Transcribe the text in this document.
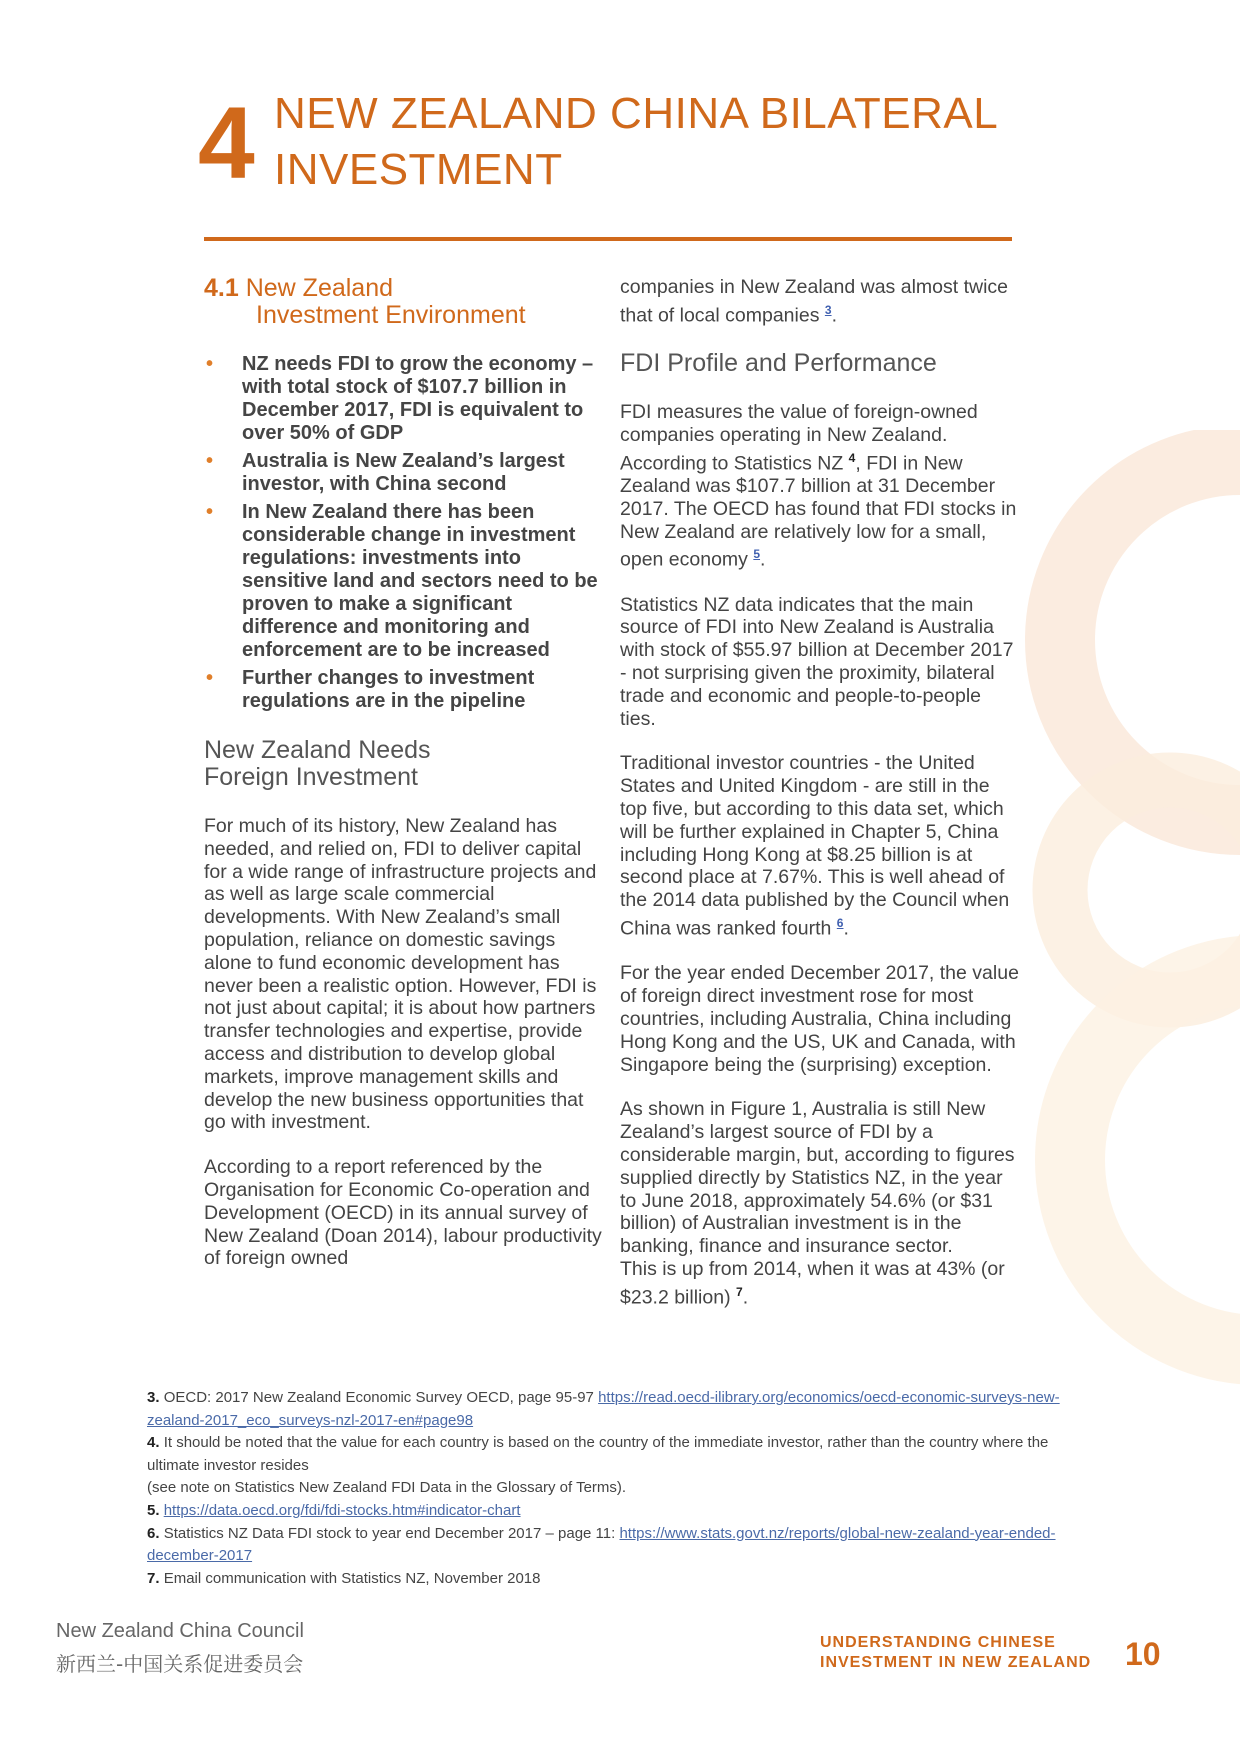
4 NEW ZEALAND CHINA BILATERAL
INVESTMENT
4.1 New Zealand
Investment Environment
• NZ needs FDI to grow the economy – with total stock of $107.7 billion in December 2017, FDI is equivalent to over 50% of GDP
• Australia is New Zealand’s largest investor, with China second
• In New Zealand there has been considerable change in investment regulations: investments into sensitive land and sectors need to be proven to make a significant difference and monitoring and enforcement are to be increased
• Further changes to investment regulations are in the pipeline
New Zealand Needs
Foreign Investment

For much of its history, New Zealand has needed, and relied on, FDI to deliver capital for a wide range of infrastructure projects and as well as large scale commercial developments. With New Zealand’s small population, reliance on domestic savings alone to fund economic development has never been a realistic option. However, FDI is not just about capital; it is about how partners transfer technologies and expertise, provide access and distribution to develop global markets, improve management skills and develop the new business opportunities that go with investment.

According to a report referenced by the Organisation for Economic Co-operation and Development (OECD) in its annual survey of New Zealand (Doan 2014), labour productivity of foreign owned

companies in New Zealand was almost twice that of local companies $^3$.

FDI Profile and Performance

FDI measures the value of foreign-owned companies operating in New Zealand. According to Statistics NZ $^4$, FDI in New Zealand was $107.7 billion at 31 December 2017. The OECD has found that FDI stocks in New Zealand are relatively low for a small, open economy $^5$.

Statistics NZ data indicates that the main source of FDI into New Zealand is Australia with stock of $55.97 billion at December 2017 - not surprising given the proximity, bilateral trade and economic and people-to-people ties.

Traditional investor countries - the United States and United Kingdom - are still in the top five, but according to this data set, which will be further explained in Chapter 5, China including Hong Kong at $8.25 billion is at second place at 7.67%. This is well ahead of the 2014 data published by the Council when China was ranked fourth $^6$.

For the year ended December 2017, the value of foreign direct investment rose for most countries, including Australia, China including Hong Kong and the US, UK and Canada, with Singapore being the (surprising) exception.

As shown in Figure 1, Australia is still New Zealand’s largest source of FDI by a considerable margin, but, according to figures supplied directly by Statistics NZ, in the year to June 2018, approximately 54.6% (or $31 billion) of Australian investment is in the banking, finance and insurance sector.

This is up from 2014, when it was at 43% (or $23.2 billion) $^7$.

3. OECD: 2017 New Zealand Economic Survey OECD, page 95-97 https://read.oecd-ilibrary.org/economics/oecd-economic-surveys-new-zealand-2017_eco_surveys-nzl-2017-en#page98
4. It should be noted that the value for each country is based on the country of the immediate investor, rather than the country where the ultimate investor resides
(see note on Statistics New Zealand FDI Data in the Glossary of Terms).
5. https://data.oecd.org/fdi/fdi-stocks.htm#indicator-chart
6. Statistics NZ Data FDI stock to year end December 2017 – page 11: https://www.stats.govt.nz/reports/global-new-zealand-year-ended-december-2017
7. Email communication with Statistics NZ, November 2018
New Zealand China Council
新西兰-中国关系促进委员会
UNDERSTANDING CHINESE
INVESTMENT IN NEW ZEALAND 10
